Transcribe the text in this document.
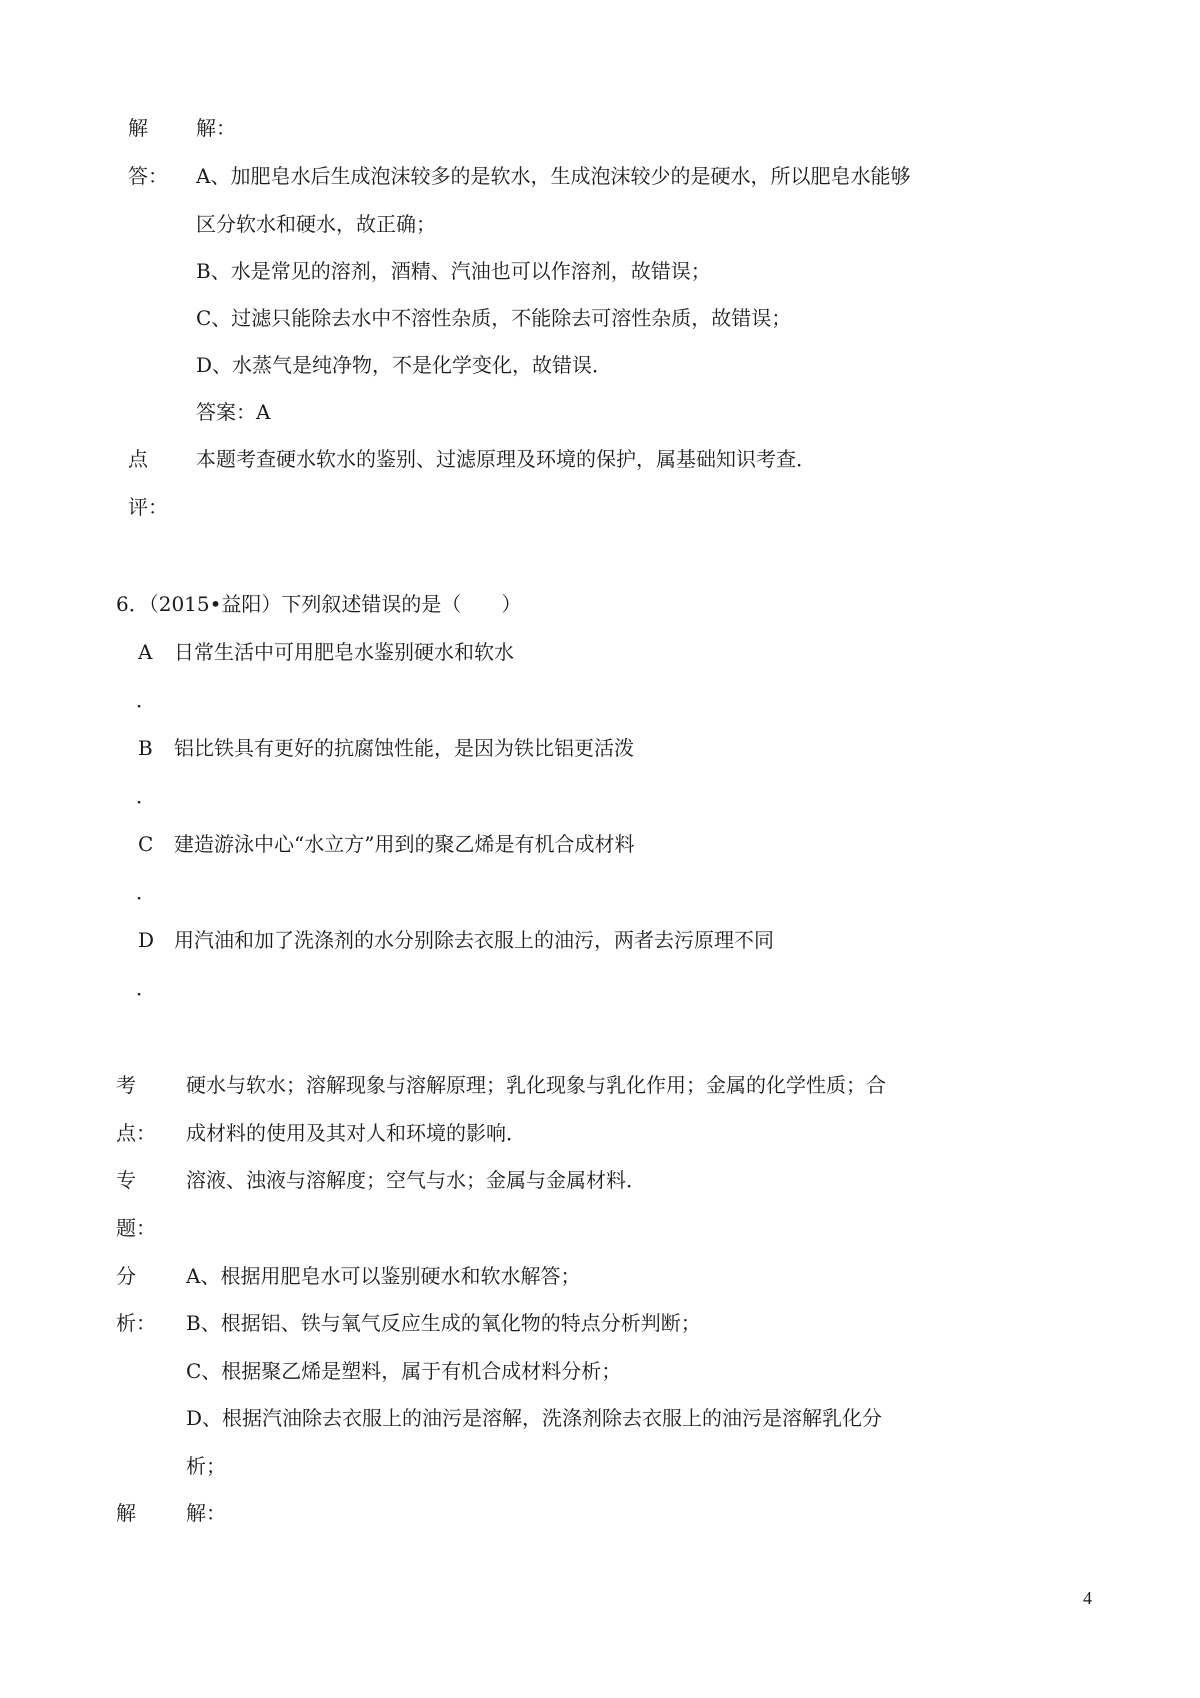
解 解：
答： A、加肥皂水后生成泡沫较多的是软水，生成泡沫较少的是硬水，所以肥皂水能够
区分软水和硬水，故正确；
B、水是常见的溶剂，酒精、汽油也可以作溶剂，故错误；
C、过滤只能除去水中不溶性杂质，不能除去可溶性杂质，故错误；
D、水蒸气是纯净物，不是化学变化，故错误．
答案：A
点 本题考查硬水软水的鉴别、过滤原理及环境的保护，属基础知识考查．
评：
6．（2015•益阳）下列叙述错误的是（　　）
A 日常生活中可用肥皂水鉴别硬水和软水
．
B 铝比铁具有更好的抗腐蚀性能，是因为铁比铝更活泼
．
C 建造游泳中心“水立方”用到的聚乙烯是有机合成材料
．
D 用汽油和加了洗涤剂的水分别除去衣服上的油污，两者去污原理不同
．
考	硬水与软水；溶解现象与溶解原理；乳化现象与乳化作用；金属的化学性质；合
点： 成材料的使用及其对人和环境的影响．
专	溶液、浊液与溶解度；空气与水；金属与金属材料．
题：
分	A、根据用肥皂水可以鉴别硬水和软水解答；
析： B、根据铝、铁与氧气反应生成的氧化物的特点分析判断；
C、根据聚乙烯是塑料，属于有机合成材料分析；
D、根据汽油除去衣服上的油污是溶解，洗涤剂除去衣服上的油污是溶解乳化分
析；
解	解：
4
